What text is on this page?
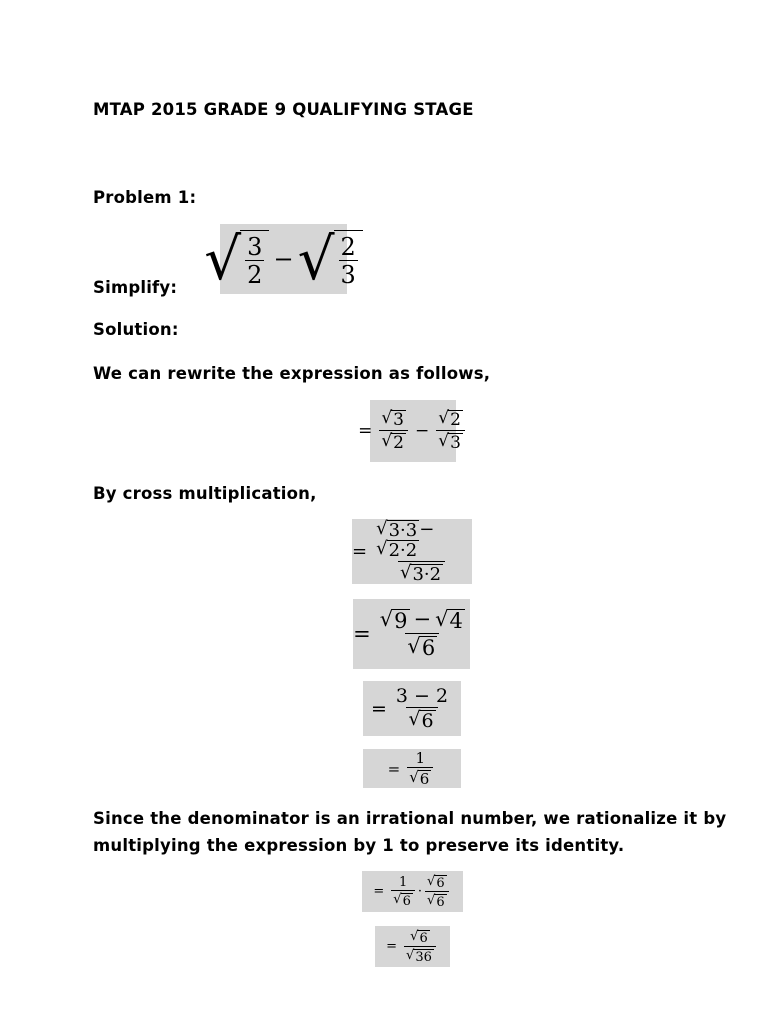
MTAP 2015 GRADE 9 QUALIFYING STAGE
Problem 1:
Simplify: √ $\frac{3}{2}$ − √ $\frac{2}{3}$
Solution:
We can rewrite the expression as follows,
= $\frac{√ 3}{√ 2} - \frac{√ 2}{√ 3}$
By cross multiplication,
= √ 3·3 −
√ 2·2
√ 3·2
= $\frac{√ 9 - √ 4}{√ 6}$
= $\frac{3 - 2}{√ 6}$
= $\frac{1}{√ 6}$
Since the denominator is an irrational number, we rationalize it by multiplying the expression by 1 to preserve its identity.
= $\frac{1}{√ 6} \cdot \frac{√ 6}{√ 6}$
= $\frac{√ 6}{√ 36}$
